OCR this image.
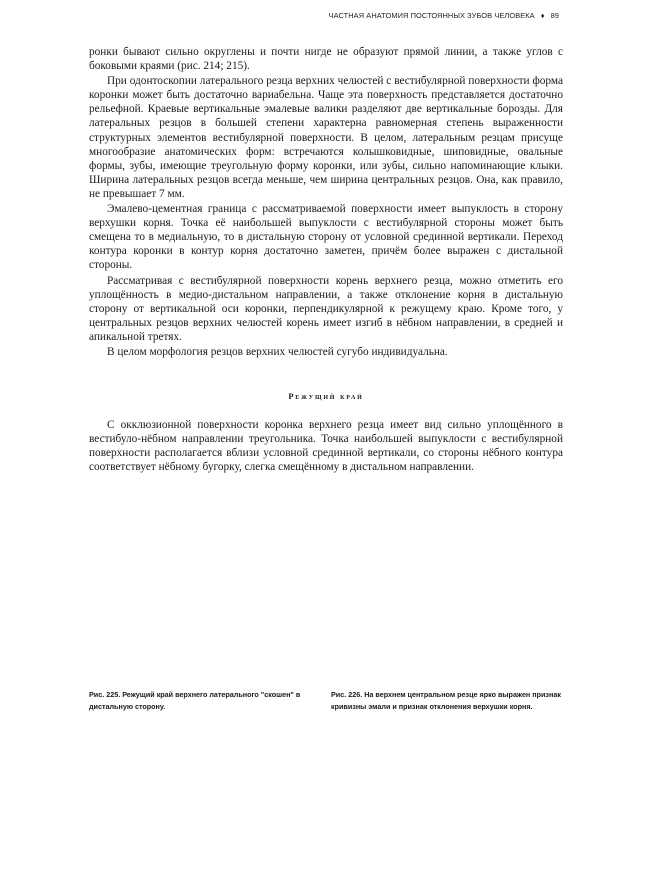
ЧАСТНАЯ АНАТОМИЯ ПОСТОЯННЫХ ЗУБОВ ЧЕЛОВЕКА ♦ 89

ронки бывают сильно округлены и почти нигде не образуют прямой линии, а также углов с боковыми краями (рис. 214; 215).

При одонтоскопии латерального резца верхних челюстей с вестибулярной поверхности форма коронки может быть достаточно вариабельна. Чаще эта поверхность представляется достаточно рельефной. Краевые вертикальные эмалевые валики разделяют две вертикальные борозды. Для латеральных резцов в большей степени характерна равномерная степень выраженности структурных элементов вестибулярной поверхности. В целом, латеральным резцам присуще многообразие анатомических форм: встречаются колышковидные, шиповидные, овальные формы, зубы, имеющие треугольную форму коронки, или зубы, сильно напоминающие клыки. Ширина латеральных резцов всегда меньше, чем ширина центральных резцов. Она, как правило, не превышает 7 мм.

Эмалево-цементная граница с рассматриваемой поверхности имеет выпуклость в сторону верхушки корня. Точка её наибольшей выпуклости с вестибулярной стороны может быть смещена то в медиальную, то в дистальную сторону от условной срединной вертикали. Переход контура коронки в контур корня достаточно заметен, причём более выражен с дистальной стороны.

Рассматривая с вестибулярной поверхности корень верхнего резца, можно отметить его уплощённость в медио-дистальном направлении, а также отклонение корня в дистальную сторону от вертикальной оси коронки, перпендикулярной к режущему краю. Кроме того, у центральных резцов верхних челюстей корень имеет изгиб в нёбном направлении, в средней и апикальной третях.

В целом морфология резцов верхних челюстей сугубо индивидуальна.

Режущий край

С окклюзионной поверхности коронка верхнего резца имеет вид сильно уплощённого в вестибуло-нёбном направлении треугольника. Точка наибольшей выпуклости с вестибулярной поверхности располагается вблизи условной срединной вертикали, со стороны нёбного контура соответствует нёбному бугорку, слегка смещённому в дистальном направлении.

Рис. 225. Режущий край верхнего латерального "скошен" в дистальную сторону.
Рис. 226. На верхнем центральном резце ярко выражен признак кривизны эмали и признак отклонения верхушки корня.
